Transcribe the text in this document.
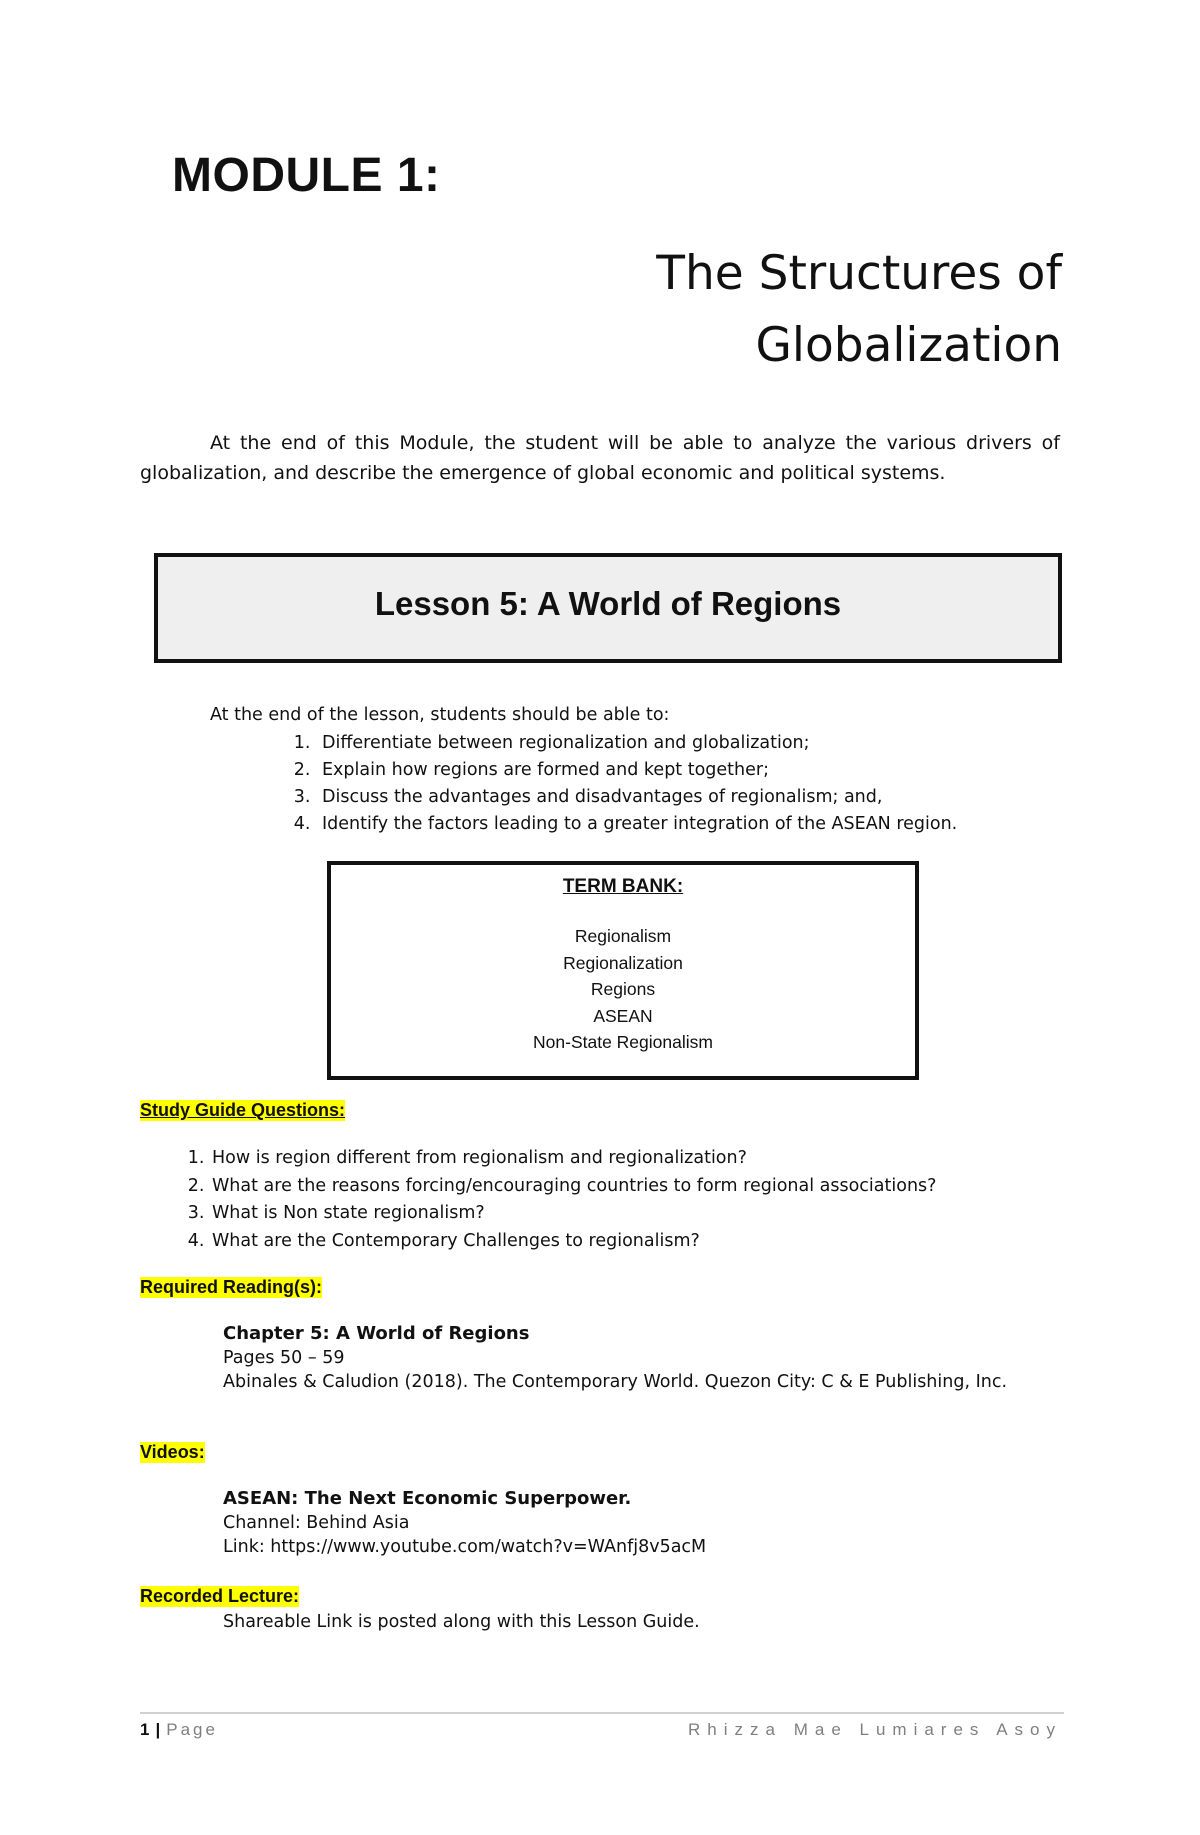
MODULE 1:
The Structures of
Globalization

At the end of this Module, the student will be able to analyze the various drivers of globalization, and describe the emergence of global economic and political systems.

Lesson 5: A World of Regions
At the end of the lesson, students should be able to:
1. Differentiate between regionalization and globalization;
2. Explain how regions are formed and kept together;
3. Discuss the advantages and disadvantages of regionalism; and,
4. Identify the factors leading to a greater integration of the ASEAN region.
TERM BANK:
Regionalism
Regionalization
Regions
ASEAN
Non-State Regionalism
Study Guide Questions:
1. How is region different from regionalism and regionalization?
2. What are the reasons forcing/encouraging countries to form regional associations?
3. What is Non state regionalism?
4. What are the Contemporary Challenges to regionalism?
Required Reading(s):
Chapter 5: A World of Regions
Pages 50 – 59
Abinales & Caludion (2018). The Contemporary World. Quezon City: C & E Publishing, Inc.
Videos:
ASEAN: The Next Economic Superpower.
Channel: Behind Asia
Link: https://www.youtube.com/watch?v=WAnfj8v5acM
Recorded Lecture:
Shareable Link is posted along with this Lesson Guide.
1 | Page	Rhizza Mae Lumiares Asoy
